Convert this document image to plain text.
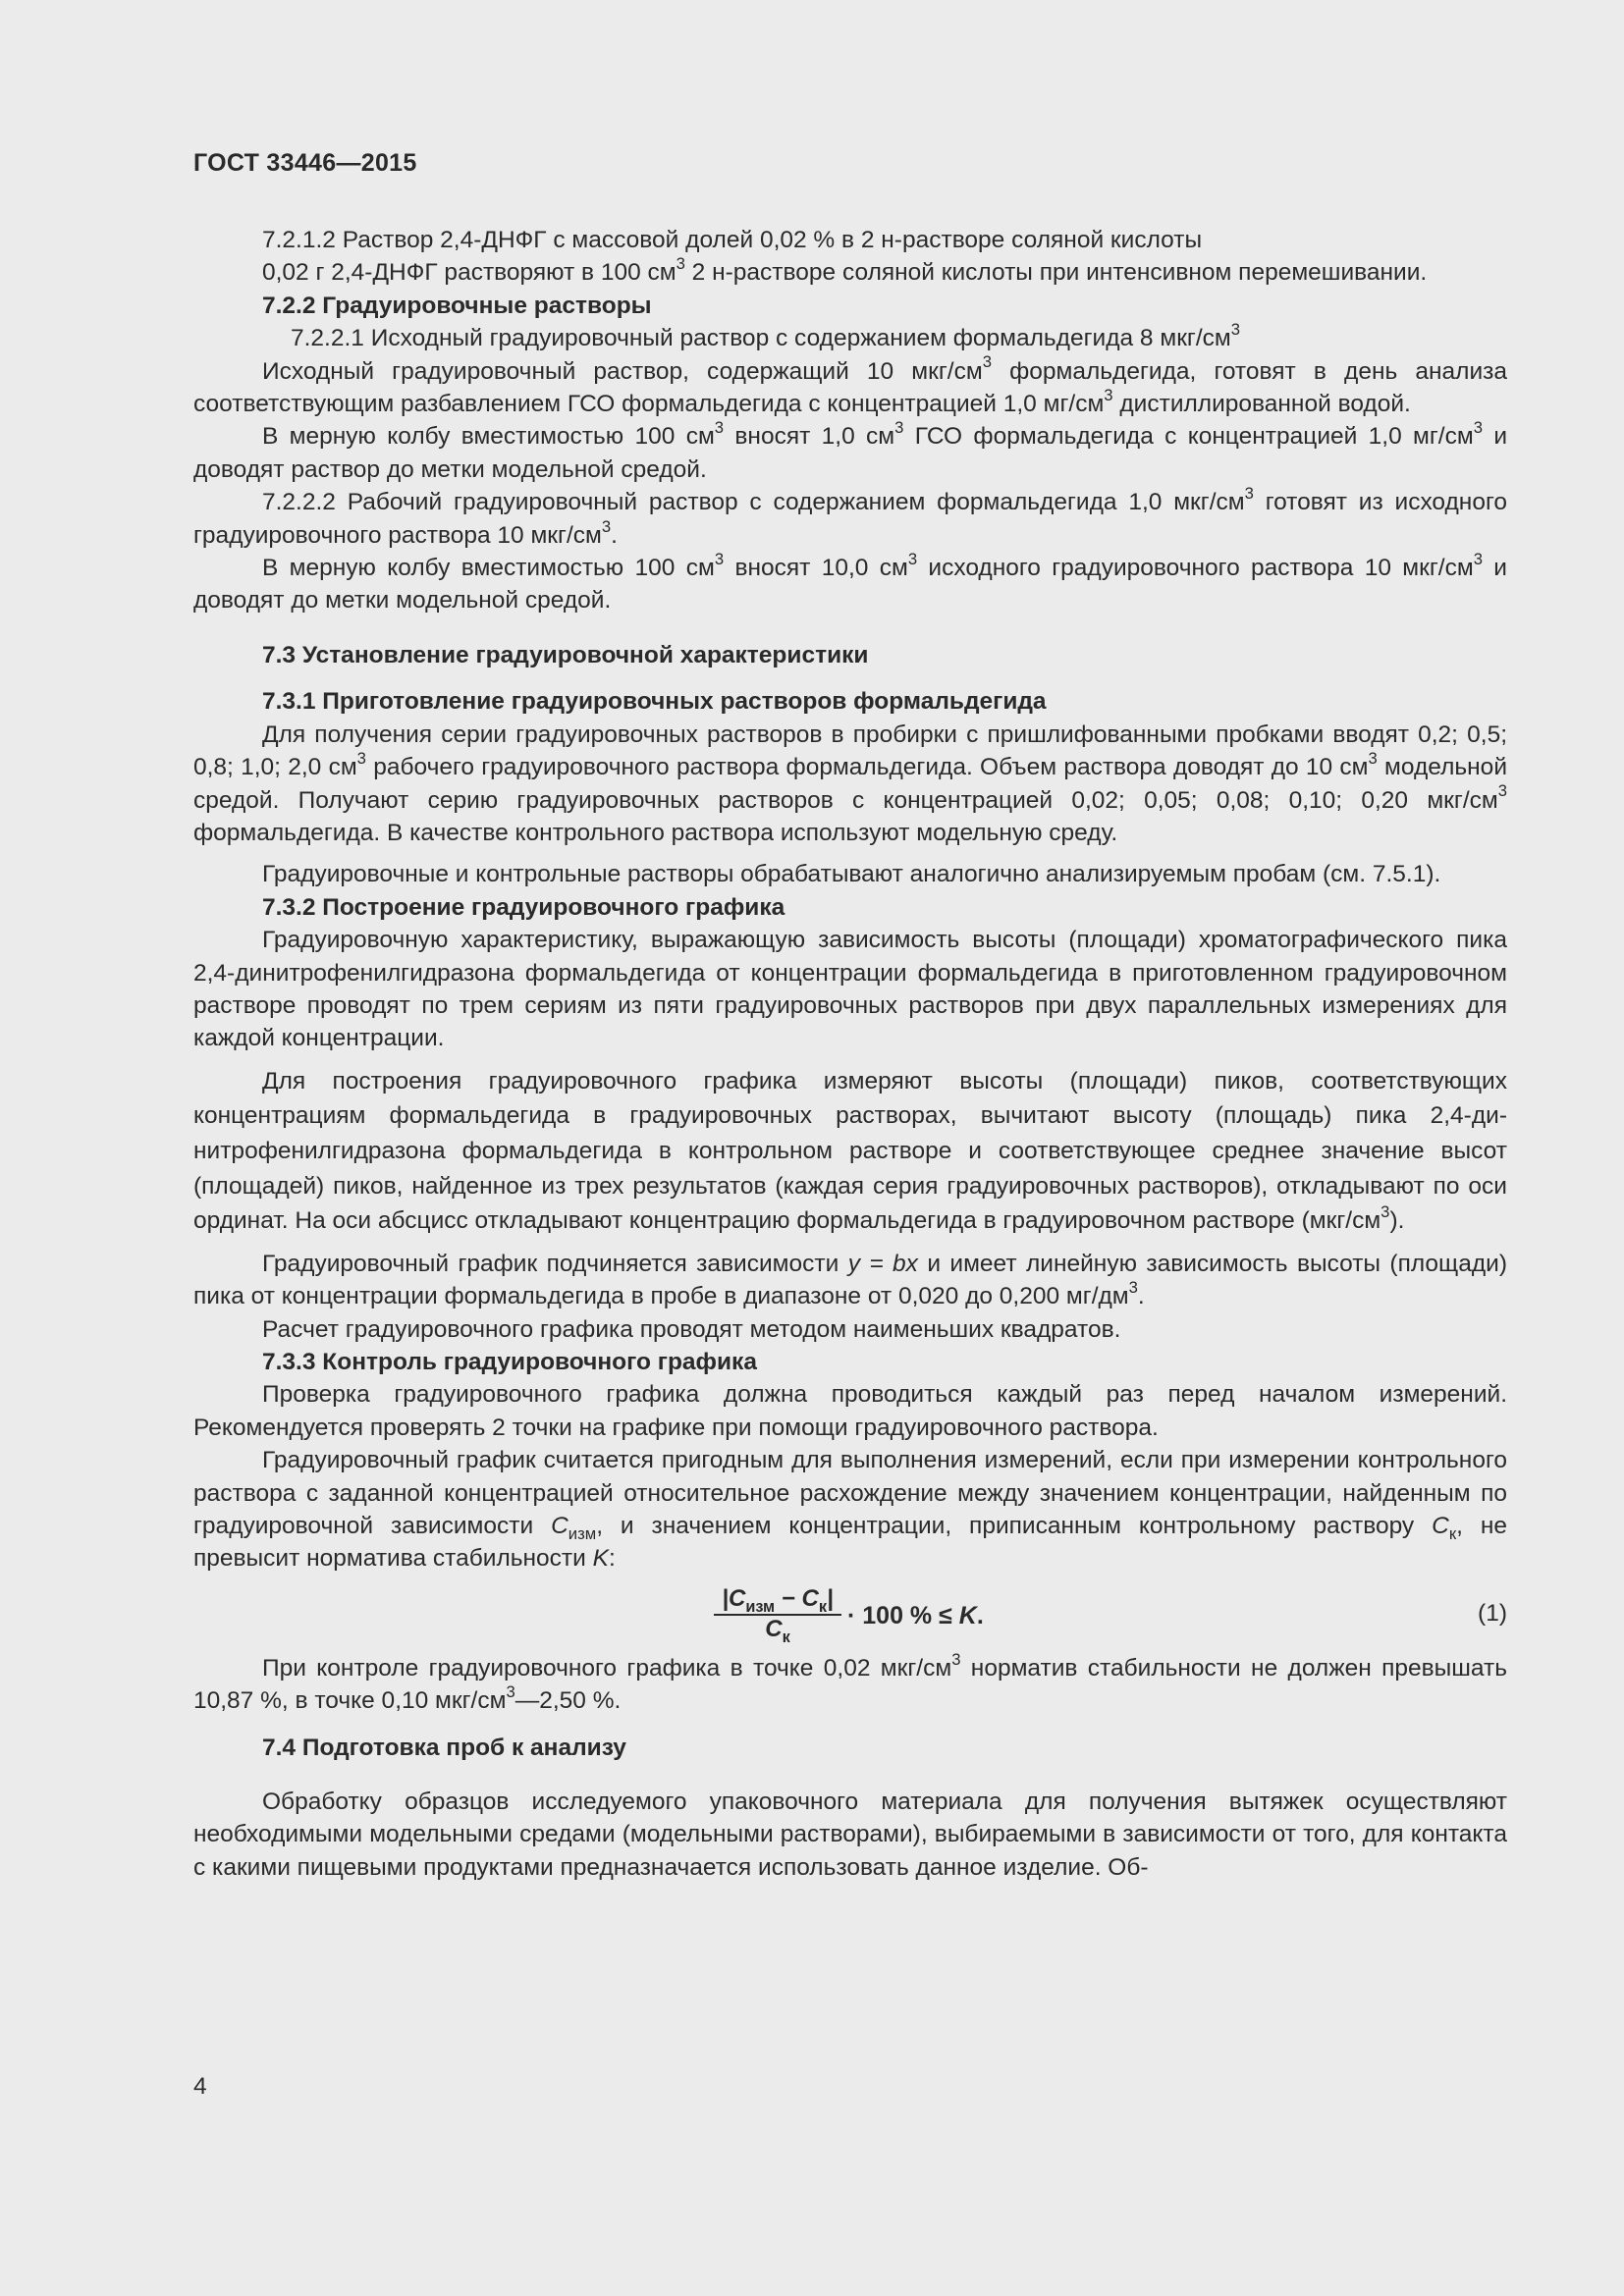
ГОСТ 33446—2015

7.2.1.2 Раствор 2,4-ДНФГ с массовой долей 0,02 % в 2 н-растворе соляной кислоты

0,02 г 2,4-ДНФГ растворяют в 100 $см^3$ 2 н-растворе соляной кислоты при интенсивном перемешивании.

7.2.2 Градуировочные растворы

7.2.2.1 Исходный градуировочный раствор с содержанием формальдегида 8 мкг/$см^3$

Исходный градуировочный раствор, содержащий 10 мкг/$см^3$ формальдегида, готовят в день анализа соответствующим разбавлением ГСО формальдегида с концентрацией 1,0 $мг/см^3$ дистиллированной водой.

В мерную колбу вместимостью 100 $см^3$ вносят 1,0 $см^3$ ГСО формальдегида с концентрацией 1,0 $мг/см^3$ и доводят раствор до метки модельной средой.

7.2.2.2 Рабочий градуировочный раствор с содержанием формальдегида 1,0 мкг/$см^3$ готовят из исходного градуировочного раствора 10 мкг/$см^3$.

В мерную колбу вместимостью 100 $см^3$ вносят 10,0 $см^3$ исходного градуировочного раствора 10 мкг/$см^3$ и доводят до метки модельной средой.

7.3 Установление градуировочной характеристики

7.3.1 Приготовление градуировочных растворов формальдегида

Для получения серии градуировочных растворов в пробирки с пришлифованными пробками вводят 0,2; 0,5; 0,8; 1,0; 2,0 $см^3$ рабочего градуировочного раствора формальдегида. Объем раствора доводят до 10 $см^3$ модельной средой. Получают серию градуировочных растворов с концентрацией 0,02; 0,05; 0,08; 0,10; 0,20 мкг/$см^3$ формальдегида. В качестве контрольного раствора используют модельную среду.

Градуировочные и контрольные растворы обрабатывают аналогично анализируемым пробам (см. 7.5.1).

7.3.2 Построение градуировочного графика

Градуировочную характеристику, выражающую зависимость высоты (площади) хроматографического пика 2,4-динитрофенилгидразона формальдегида от концентрации формальдегида в приготовленном градуировочном растворе проводят по трем сериям из пяти градуировочных растворов при двух параллельных измерениях для каждой концентрации.

Для построения градуировочного графика измеряют высоты (площади) пиков, соответствующих концентрациям формальдегида в градуировочных растворах, вычитают высоту (площадь) пика 2,4-динитрофенилгидразона формальдегида в контрольном растворе и соответствующее среднее значение высот (площадей) пиков, найденное из трех результатов (каждая серия градуировочных растворов), откладывают по оси ординат. На оси абсцисс откладывают концентрацию формальдегида в градуировочном растворе $(мкг/см^3)$.

Градуировочный график подчиняется зависимости y = bx и имеет линейную зависимость высоты (площади) пика от концентрации формальдегида в пробе в диапазоне от 0,020 до 0,200 $мг/дм^3$.

Расчет градуировочного графика проводят методом наименьших квадратов.

7.3.3 Контроль градуировочного графика

Проверка градуировочного графика должна проводиться каждый раз перед началом измерений. Рекомендуется проверять 2 точки на графике при помощи градуировочного раствора.

Градуировочный график считается пригодным для выполнения измерений, если при измерении контрольного раствора с заданной концентрацией относительное расхождение между значением концентрации, найденным по градуировочной зависимости $C_{изм}$, и значением концентрации, приписанным контрольному раствору $C_к$, не превысит норматива стабильности K:

$|C_{изм} - C_к|$
$C_к$
· 100 % ≤ K.	(1)

При контроле градуировочного графика в точке 0,02 мкг/$см^3$ норматив стабильности не должен превышать 10,87 %, в точке 0,10 мкг/$см^3—2,50$ %.

7.4 Подготовка проб к анализу

Обработку образцов исследуемого упаковочного материала для получения вытяжек осуществляют необходимыми модельными средами (модельными растворами), выбираемыми в зависимости от того, для контакта с какими пищевыми продуктами предназначается использовать данное изделие. Об-

4
